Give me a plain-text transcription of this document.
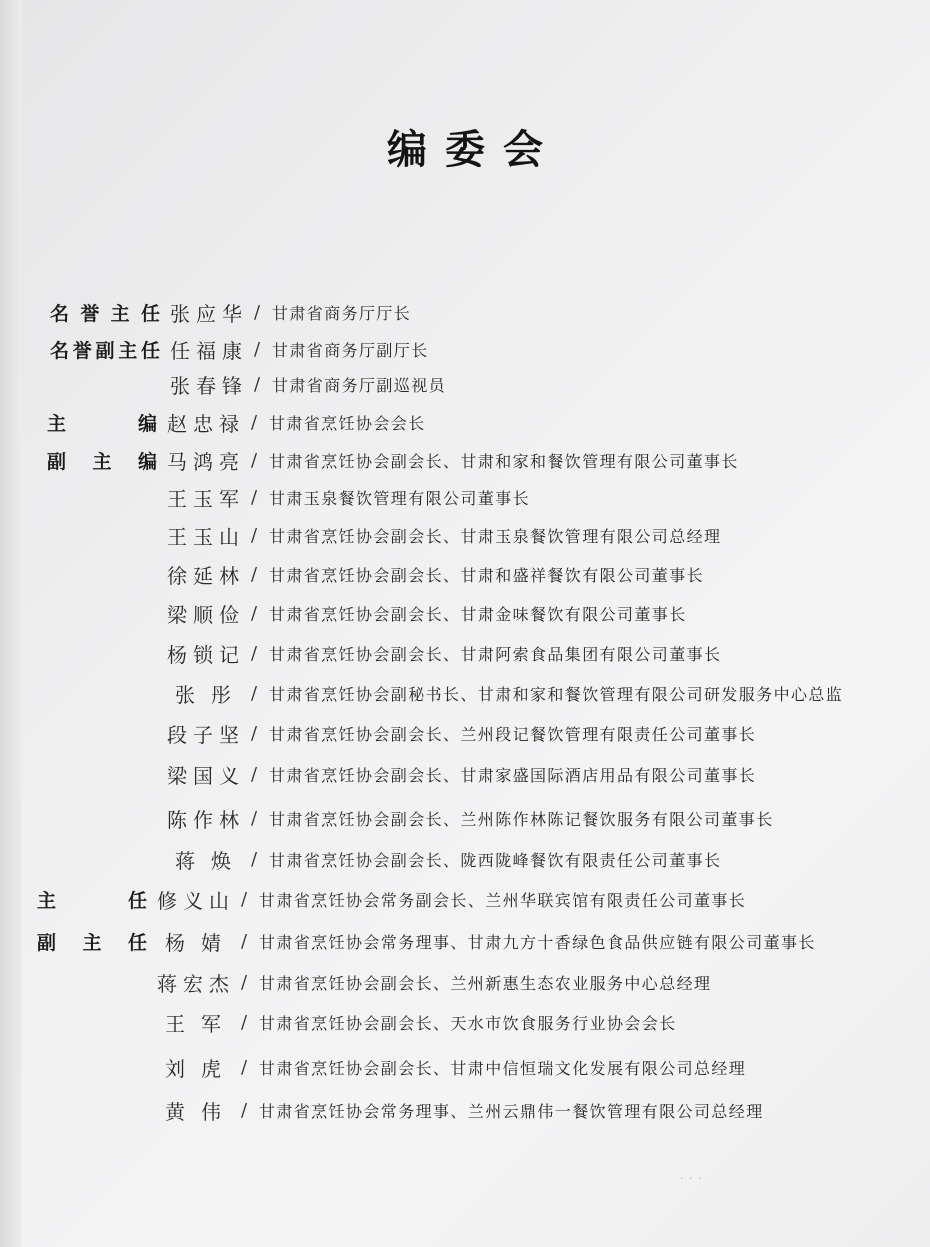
编委会
名 誉 主 任 张 应 华 / 甘肃省商务厅厅长
名 誉 副 主 任 任 福 康 / 甘肃省商务厅副厅长
张 春 锋 / 甘肃省商务厅副巡视员
主	编 赵 忠 禄 / 甘肃省烹饪协会会长
副 主 编 马 鸿 亮 / 甘肃省烹饪协会副会长、甘肃和家和餐饮管理有限公司董事长
王 玉 军 / 甘肃玉泉餐饮管理有限公司董事长
王 玉 山 / 甘肃省烹饪协会副会长、甘肃玉泉餐饮管理有限公司总经理
徐 延 林 / 甘肃省烹饪协会副会长、甘肃和盛祥餐饮有限公司董事长
梁 顺 俭 / 甘肃省烹饪协会副会长、甘肃金味餐饮有限公司董事长
杨 锁 记 / 甘肃省烹饪协会副会长、甘肃阿索食品集团有限公司董事长
张 彤	/ 甘肃省烹饪协会副秘书长、甘肃和家和餐饮管理有限公司研发服务中心总监
段 子 坚 / 甘肃省烹饪协会副会长、兰州段记餐饮管理有限责任公司董事长
梁 国 义 / 甘肃省烹饪协会副会长、甘肃家盛国际酒店用品有限公司董事长
陈 作 林 / 甘肃省烹饪协会副会长、兰州陈作林陈记餐饮服务有限公司董事长
蒋 焕	/ 甘肃省烹饪协会副会长、陇西陇峰餐饮有限责任公司董事长
主	任 修 义 山 / 甘肃省烹饪协会常务副会长、兰州华联宾馆有限责任公司董事长
副 主 任 杨 婧	/ 甘肃省烹饪协会常务理事、甘肃九方十香绿色食品供应链有限公司董事长
蒋 宏 杰 / 甘肃省烹饪协会副会长、兰州新惠生态农业服务中心总经理
王 军	/ 甘肃省烹饪协会副会长、天水市饮食服务行业协会会长
刘 虎	/ 甘肃省烹饪协会副会长、甘肃中信恒瑞文化发展有限公司总经理
黄 伟	/ 甘肃省烹饪协会常务理事、兰州云鼎伟一餐饮管理有限公司总经理
· · ·
